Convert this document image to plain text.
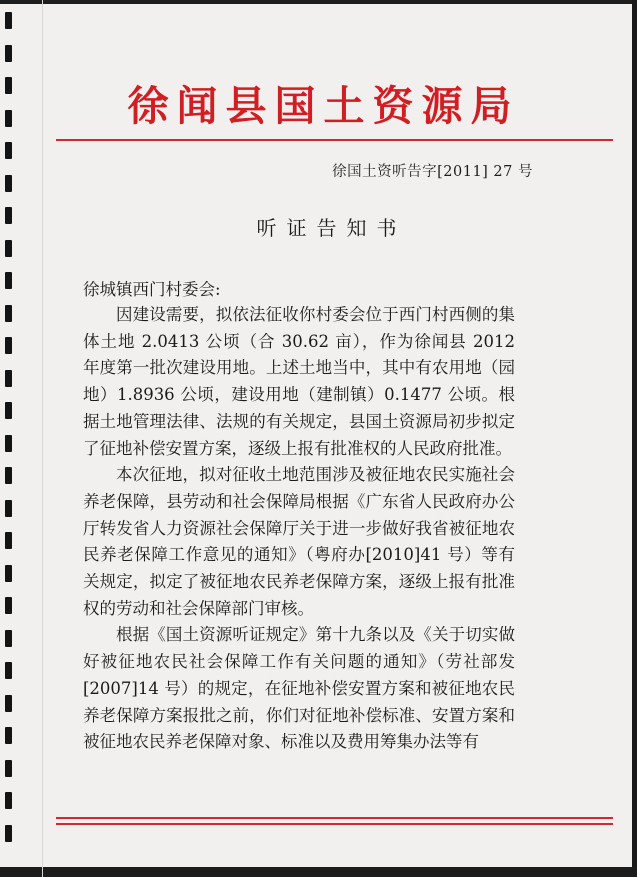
徐闻县国土资源局
徐国土资听告字[2011] 27 号
听证告知书
徐城镇西门村委会:

因建设需要，拟依法征收你村委会位于西门村西侧的集体土地 2.0413 公顷（合 30.62 亩），作为徐闻县 2012 年度第一批次建设用地。上述土地当中，其中有农用地（园地）1.8936 公顷，建设用地（建制镇）0.1477 公顷。根据土地管理法律、法规的有关规定，县国土资源局初步拟定了征地补偿安置方案，逐级上报有批准权的人民政府批准。

本次征地，拟对征收土地范围涉及被征地农民实施社会养老保障，县劳动和社会保障局根据《广东省人民政府办公厅转发省人力资源社会保障厅关于进一步做好我省被征地农民养老保障工作意见的通知》（粤府办[2010]41 号）等有关规定，拟定了被征地农民养老保障方案，逐级上报有批准权的劳动和社会保障部门审核。

根据《国土资源听证规定》第十九条以及《关于切实做好被征地农民社会保障工作有关问题的通知》（劳社部发[2007]14 号）的规定，在征地补偿安置方案和被征地农民养老保障方案报批之前，你们对征地补偿标准、安置方案和被征地农民养老保障对象、标准以及费用筹集办法等有
